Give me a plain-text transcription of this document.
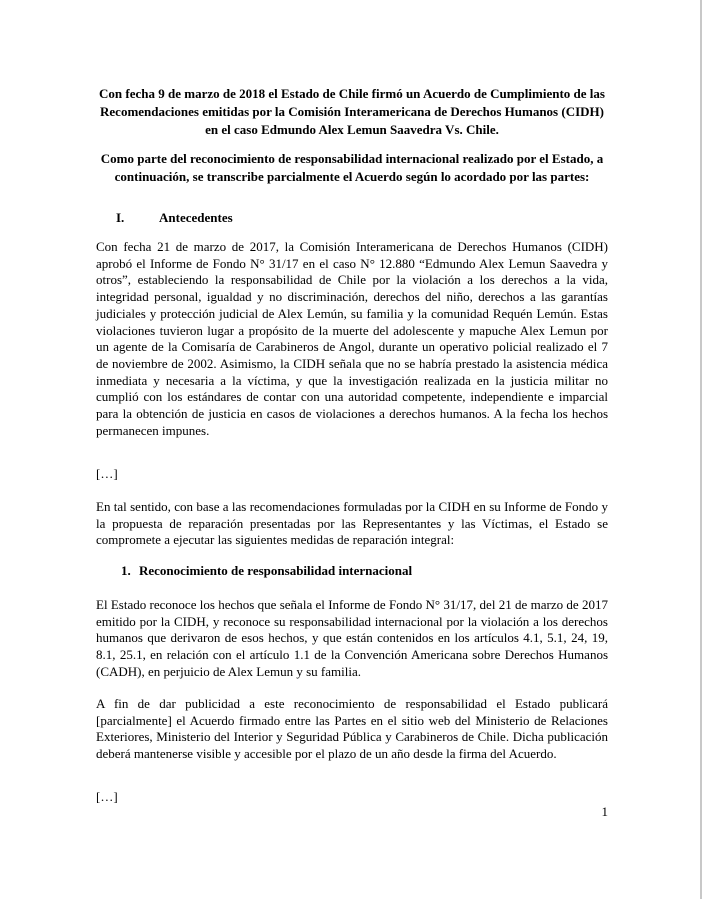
Con fecha 9 de marzo de 2018 el Estado de Chile firmó un Acuerdo de Cumplimiento de las Recomendaciones emitidas por la Comisión Interamericana de Derechos Humanos (CIDH) en el caso Edmundo Alex Lemun Saavedra Vs. Chile.
Como parte del reconocimiento de responsabilidad internacional realizado por el Estado, a continuación, se transcribe parcialmente el Acuerdo según lo acordado por las partes:
I.	Antecedentes
Con fecha 21 de marzo de 2017, la Comisión Interamericana de Derechos Humanos (CIDH) aprobó el Informe de Fondo N° 31/17 en el caso N° 12.880 “Edmundo Alex Lemun Saavedra y otros”, estableciendo la responsabilidad de Chile por la violación a los derechos a la vida, integridad personal, igualdad y no discriminación, derechos del niño, derechos a las garantías judiciales y protección judicial de Alex Lemún, su familia y la comunidad Requén Lemún. Estas violaciones tuvieron lugar a propósito de la muerte del adolescente y mapuche Alex Lemun por un agente de la Comisaría de Carabineros de Angol, durante un operativo policial realizado el 7 de noviembre de 2002. Asimismo, la CIDH señala que no se habría prestado la asistencia médica inmediata y necesaria a la víctima, y que la investigación realizada en la justicia militar no cumplió con los estándares de contar con una autoridad competente, independiente e imparcial para la obtención de justicia en casos de violaciones a derechos humanos. A la fecha los hechos permanecen impunes.
[…]
En tal sentido, con base a las recomendaciones formuladas por la CIDH en su Informe de Fondo y la propuesta de reparación presentadas por las Representantes y las Víctimas, el Estado se compromete a ejecutar las siguientes medidas de reparación integral:
1. Reconocimiento de responsabilidad internacional
El Estado reconoce los hechos que señala el Informe de Fondo N° 31/17, del 21 de marzo de 2017 emitido por la CIDH, y reconoce su responsabilidad internacional por la violación a los derechos humanos que derivaron de esos hechos, y que están contenidos en los artículos 4.1, 5.1, 24, 19, 8.1, 25.1, en relación con el artículo 1.1 de la Convención Americana sobre Derechos Humanos (CADH), en perjuicio de Alex Lemun y su familia.
A fin de dar publicidad a este reconocimiento de responsabilidad el Estado publicará [parcialmente] el Acuerdo firmado entre las Partes en el sitio web del Ministerio de Relaciones Exteriores, Ministerio del Interior y Seguridad Pública y Carabineros de Chile. Dicha publicación deberá mantenerse visible y accesible por el plazo de un año desde la firma del Acuerdo.
[…]
1
